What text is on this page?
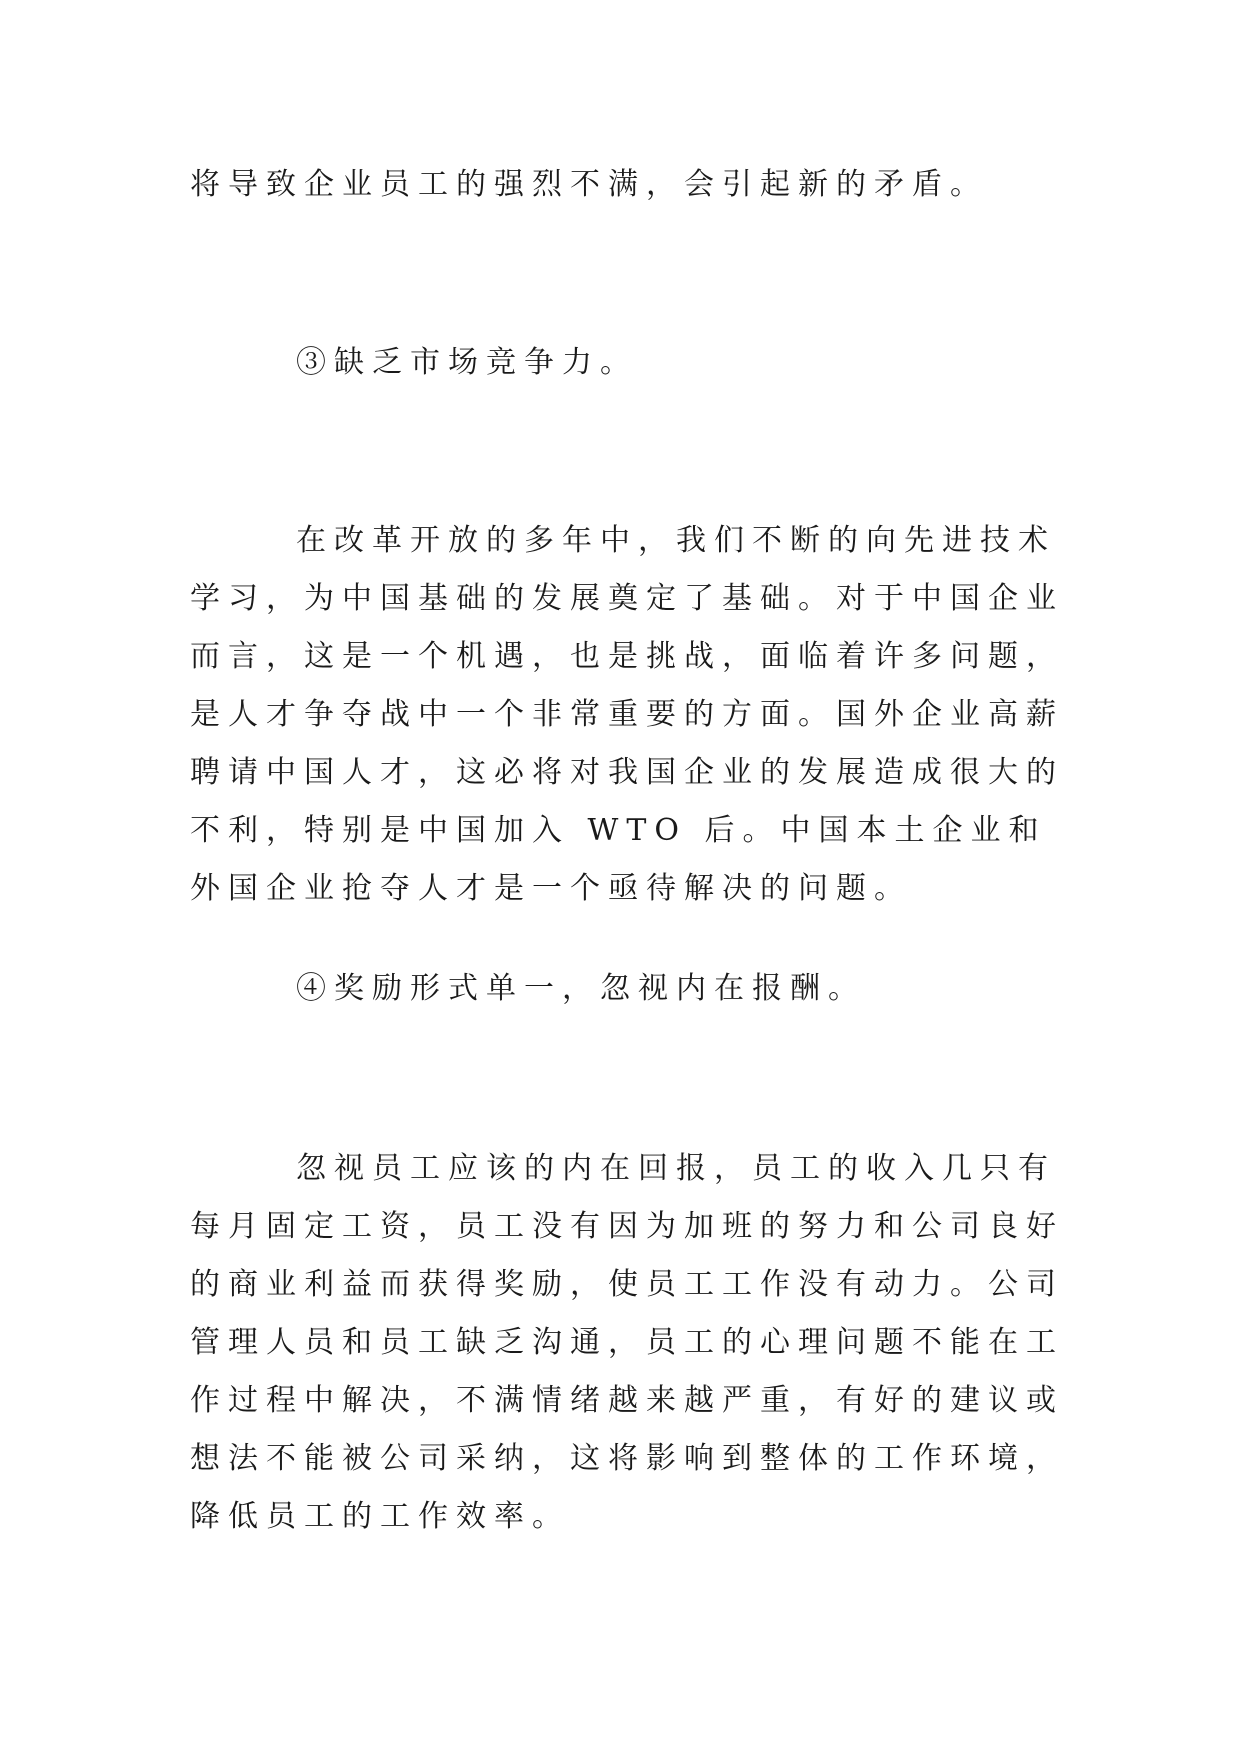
将导致企业员工的强烈不满，会引起新的矛盾。

③缺乏市场竞争力。

在改革开放的多年中，我们不断的向先进技术学习，为中国基础的发展奠定了基础。对于中国企业而言，这是一个机遇，也是挑战，面临着许多问题，是人才争夺战中一个非常重要的方面。国外企业高薪聘请中国人才，这必将对我国企业的发展造成很大的不利，特别是中国加入 WTO 后。中国本土企业和外国企业抢夺人才是一个亟待解决的问题。

④奖励形式单一，忽视内在报酬。

忽视员工应该的内在回报，员工的收入几只有每月固定工资，员工没有因为加班的努力和公司良好的商业利益而获得奖励，使员工工作没有动力。公司管理人员和员工缺乏沟通，员工的心理问题不能在工作过程中解决，不满情绪越来越严重，有好的建议或想法不能被公司采纳，这将影响到整体的工作环境，降低员工的工作效率。
